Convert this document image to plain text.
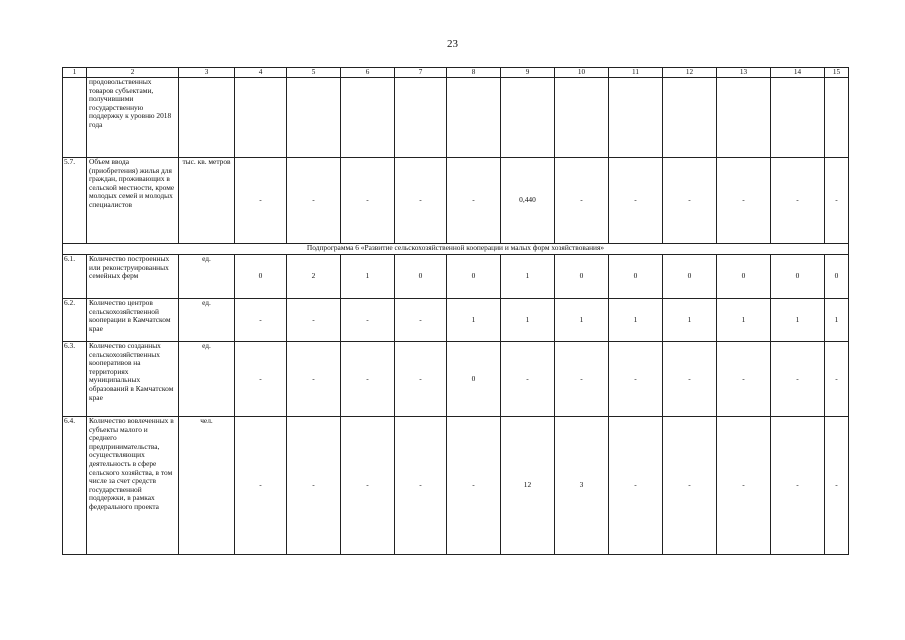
23
1	2	3	4	5	6	7	8	9	10	11	12	13	14	15
	продовольственных товаров субъектами, получившими государственную поддержку к уровню 2018 года													
5.7.	Объем ввода (приобретения) жилья для граждан, проживающих в сельской местности, кроме молодых семей и молодых специалистов	тыс. кв. метров	-	-	-	-	-	0,440	-	-	-	-	-	-
Подпрограмма 6 «Развитие сельскохозяйственной кооперации и малых форм хозяйствования»														
6.1.	Количество построенных или реконструированных семейных ферм	ед.	0	2	1	0	0	1	0	0	0	0	0	0
6.2.	Количество центров сельскохозяйственной кооперации в Камчатском крае	ед.	-	-	-	-	1	1	1	1	1	1	1	1
6.3.	Количество созданных сельскохозяйственных кооперативов на территориях муниципальных образований в Камчатском крае	ед.	-	-	-	-	0	-	-	-	-	-	-	-
6.4.	Количество вовлеченных в субъекты малого и среднего предпринимательства, осуществляющих деятельность в сфере сельского хозяйства, в том числе за счет средств государственной поддержки, в рамках федерального проекта	чел.	-	-	-	-	-	12	3	-	-	-	-	-
